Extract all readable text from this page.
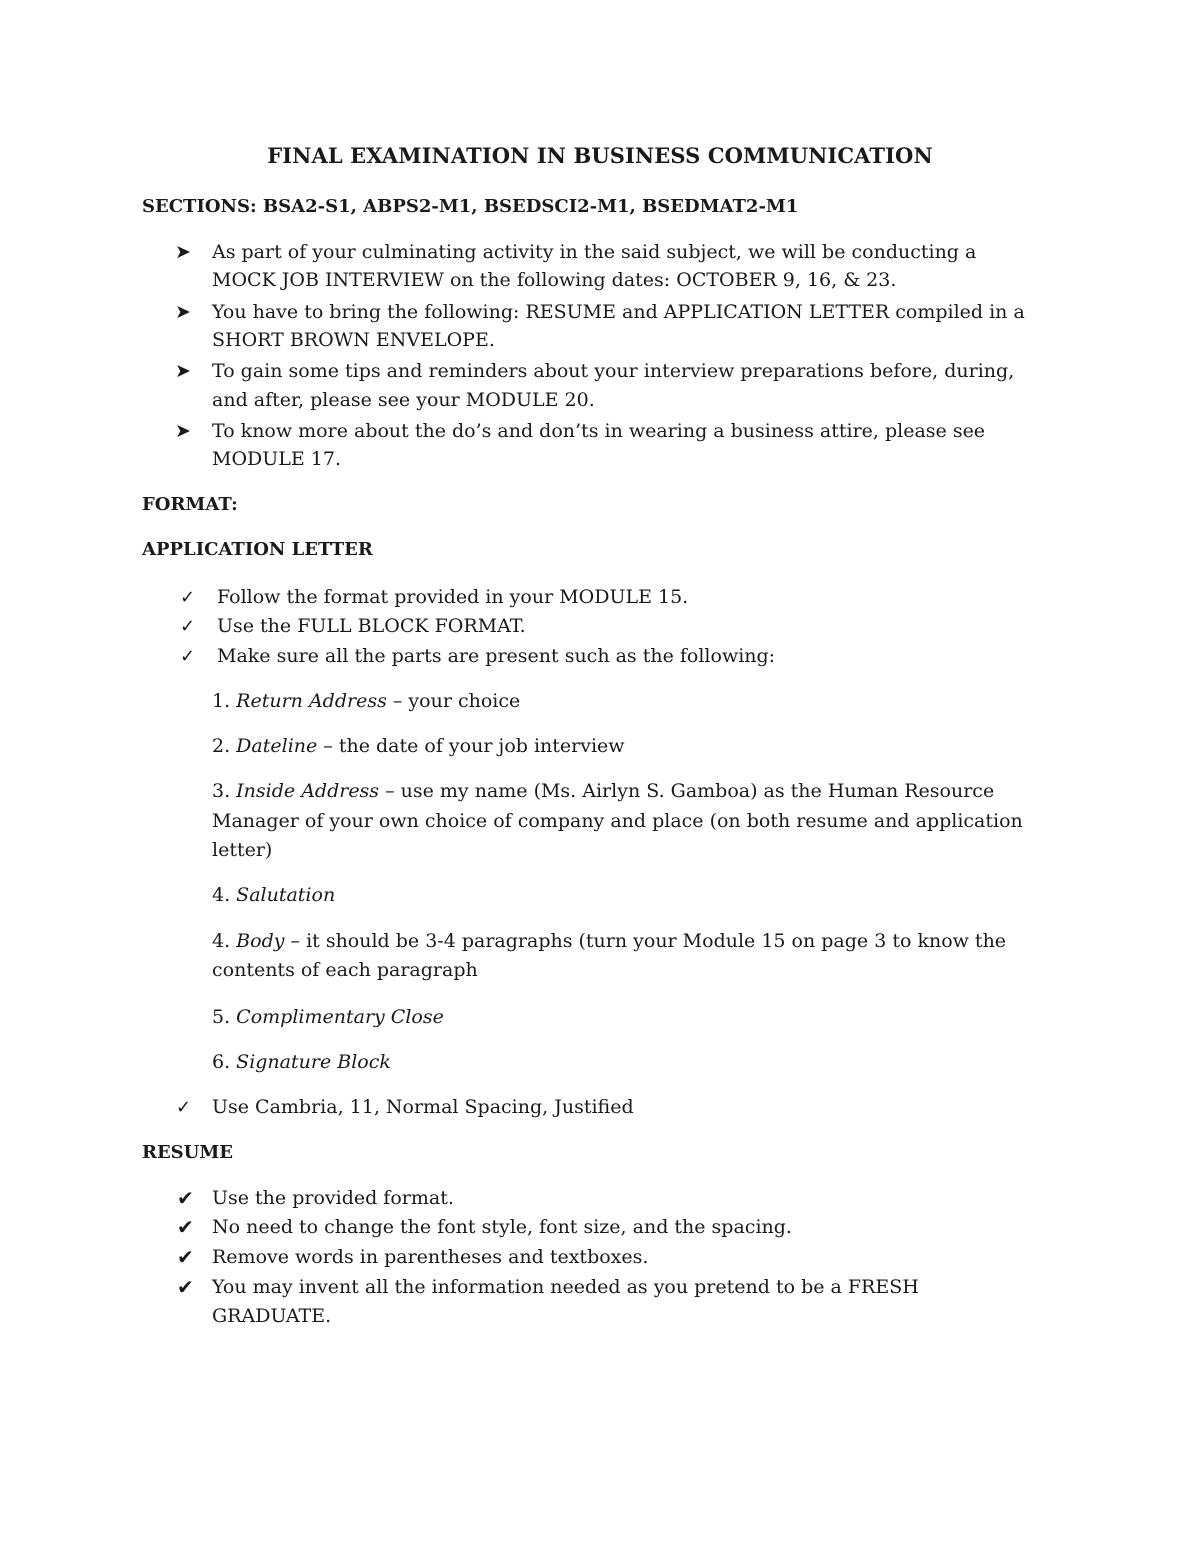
FINAL EXAMINATION IN BUSINESS COMMUNICATION
SECTIONS: BSA2-S1, ABPS2-M1, BSEDSCI2-M1, BSEDMAT2-M1
➤ As part of your culminating activity in the said subject, we will be conducting a
MOCK JOB INTERVIEW on the following dates: OCTOBER 9, 16, & 23.
➤ You have to bring the following: RESUME and APPLICATION LETTER compiled in a
SHORT BROWN ENVELOPE.
➤ To gain some tips and reminders about your interview preparations before, during,
and after, please see your MODULE 20.
➤ To know more about the do’s and don’ts in wearing a business attire, please see
MODULE 17.
FORMAT:
APPLICATION LETTER
✓ Follow the format provided in your MODULE 15.
✓ Use the FULL BLOCK FORMAT.
✓ Make sure all the parts are present such as the following:
1. Return Address – your choice
2. Dateline – the date of your job interview
3. Inside Address – use my name (Ms. Airlyn S. Gamboa) as the Human Resource
Manager of your own choice of company and place (on both resume and application
letter)
4. Salutation
4. Body – it should be 3-4 paragraphs (turn your Module 15 on page 3 to know the
contents of each paragraph
5. Complimentary Close
6. Signature Block
✓ Use Cambria, 11, Normal Spacing, Justified
RESUME
✔ Use the provided format.
✔ No need to change the font style, font size, and the spacing.
✔ Remove words in parentheses and textboxes.
✔ You may invent all the information needed as you pretend to be a FRESH
GRADUATE.
